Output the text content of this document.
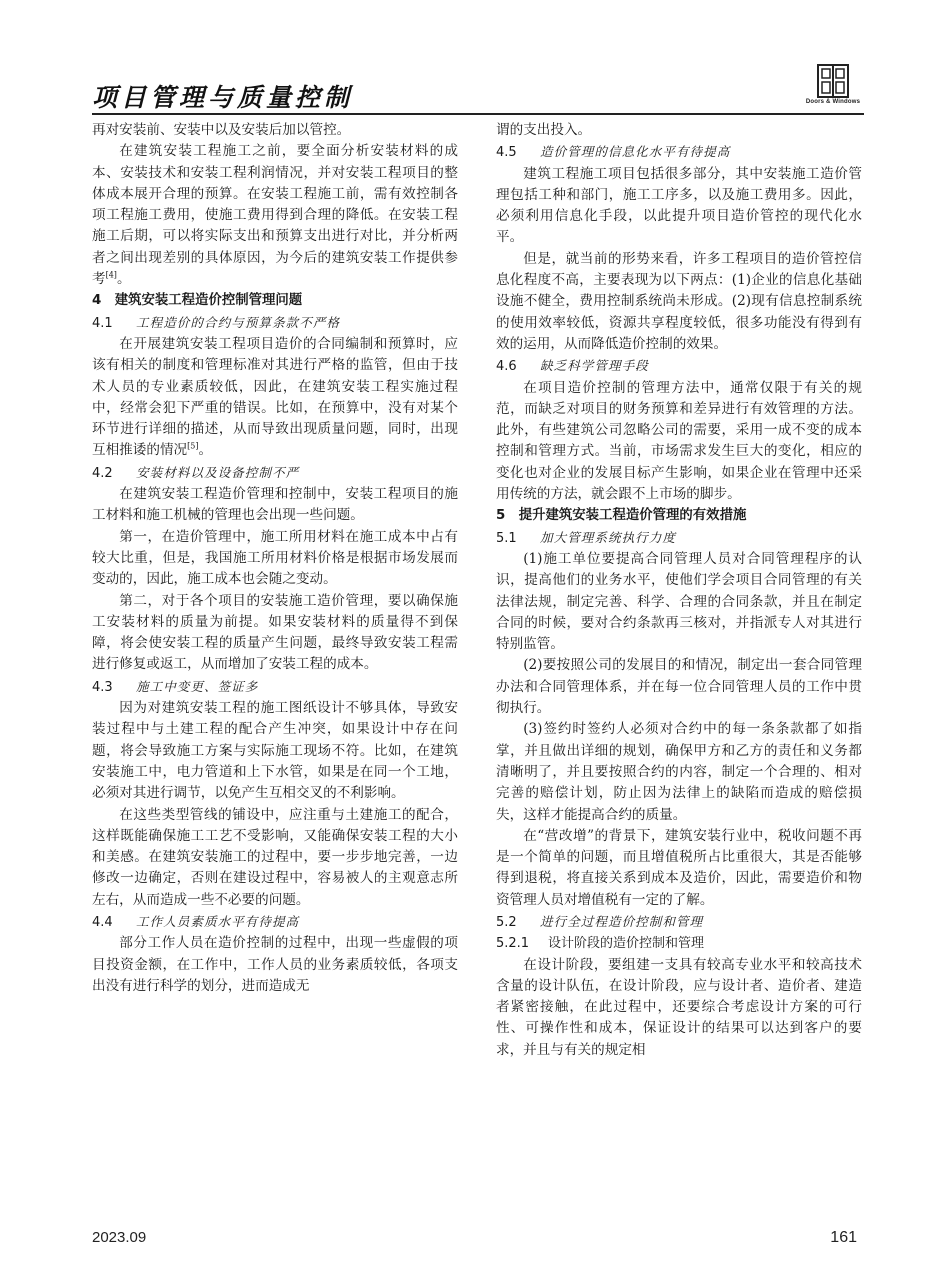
项目管理与质量控制	Doors & Windows

再对安装前、安装中以及安装后加以管控。

在建筑安装工程施工之前，要全面分析安装材料的成本、安装技术和安装工程利润情况，并对安装工程项目的整体成本展开合理的预算。在安装工程施工前，需有效控制各项工程施工费用，使施工费用得到合理的降低。在安装工程施工后期，可以将实际支出和预算支出进行对比，并分析两者之间出现差别的具体原因，为今后的建筑安装工作提供参考[4]。

4　建筑安装工程造价控制管理问题
4.1 工程造价的合约与预算条款不严格

在开展建筑安装工程项目造价的合同编制和预算时，应该有相关的制度和管理标准对其进行严格的监管，但由于技术人员的专业素质较低，因此，在建筑安装工程实施过程中，经常会犯下严重的错误。比如，在预算中，没有对某个环节进行详细的描述，从而导致出现质量问题，同时，出现互相推诿的情况[5]。

4.2 安装材料以及设备控制不严

在建筑安装工程造价管理和控制中，安装工程项目的施工材料和施工机械的管理也会出现一些问题。

第一，在造价管理中，施工所用材料在施工成本中占有较大比重，但是，我国施工所用材料价格是根据市场发展而变动的，因此，施工成本也会随之变动。

第二，对于各个项目的安装施工造价管理，要以确保施工安装材料的质量为前提。如果安装材料的质量得不到保障，将会使安装工程的质量产生问题，最终导致安装工程需进行修复或返工，从而增加了安装工程的成本。

4.3 施工中变更、签证多

因为对建筑安装工程的施工图纸设计不够具体，导致安装过程中与土建工程的配合产生冲突，如果设计中存在问题，将会导致施工方案与实际施工现场不符。比如，在建筑安装施工中，电力管道和上下水管，如果是在同一个工地，必须对其进行调节，以免产生互相交叉的不利影响。

在这些类型管线的铺设中，应注重与土建施工的配合，这样既能确保施工工艺不受影响，又能确保安装工程的大小和美感。在建筑安装施工的过程中，要一步步地完善，一边修改一边确定，否则在建设过程中，容易被人的主观意志所左右，从而造成一些不必要的问题。

4.4 工作人员素质水平有待提高

部分工作人员在造价控制的过程中，出现一些虚假的项目投资金额，在工作中，工作人员的业务素质较低，各项支出没有进行科学的划分，进而造成无

谓的支出投入。

4.5 造价管理的信息化水平有待提高

建筑工程施工项目包括很多部分，其中安装施工造价管理包括工种和部门，施工工序多，以及施工费用多。因此，必须利用信息化手段，以此提升项目造价管控的现代化水平。

但是，就当前的形势来看，许多工程项目的造价管控信息化程度不高，主要表现为以下两点：(1)企业的信息化基础设施不健全，费用控制系统尚未形成。(2)现有信息控制系统的使用效率较低，资源共享程度较低，很多功能没有得到有效的运用，从而降低造价控制的效果。

4.6 缺乏科学管理手段

在项目造价控制的管理方法中，通常仅限于有关的规范，而缺乏对项目的财务预算和差异进行有效管理的方法。此外，有些建筑公司忽略公司的需要，采用一成不变的成本控制和管理方式。当前，市场需求发生巨大的变化，相应的变化也对企业的发展目标产生影响，如果企业在管理中还采用传统的方法，就会跟不上市场的脚步。

5　提升建筑安装工程造价管理的有效措施
5.1 加大管理系统执行力度

(1)施工单位要提高合同管理人员对合同管理程序的认识，提高他们的业务水平，使他们学会项目合同管理的有关法律法规，制定完善、科学、合理的合同条款，并且在制定合同的时候，要对合约条款再三核对，并指派专人对其进行特别监管。

(2)要按照公司的发展目的和情况，制定出一套合同管理办法和合同管理体系，并在每一位合同管理人员的工作中贯彻执行。

(3)签约时签约人必须对合约中的每一条条款都了如指掌，并且做出详细的规划，确保甲方和乙方的责任和义务都清晰明了，并且要按照合约的内容，制定一个合理的、相对完善的赔偿计划，防止因为法律上的缺陷而造成的赔偿损失，这样才能提高合约的质量。

在“营改增”的背景下，建筑安装行业中，税收问题不再是一个简单的问题，而且增值税所占比重很大，其是否能够得到退税，将直接关系到成本及造价，因此，需要造价和物资管理人员对增值税有一定的了解。

5.2 进行全过程造价控制和管理
5.2.1 设计阶段的造价控制和管理

在设计阶段，要组建一支具有较高专业水平和较高技术含量的设计队伍，在设计阶段，应与设计者、造价者、建造者紧密接触，在此过程中，还要综合考虑设计方案的可行性、可操作性和成本，保证设计的结果可以达到客户的要求，并且与有关的规定相

2023.09	161
